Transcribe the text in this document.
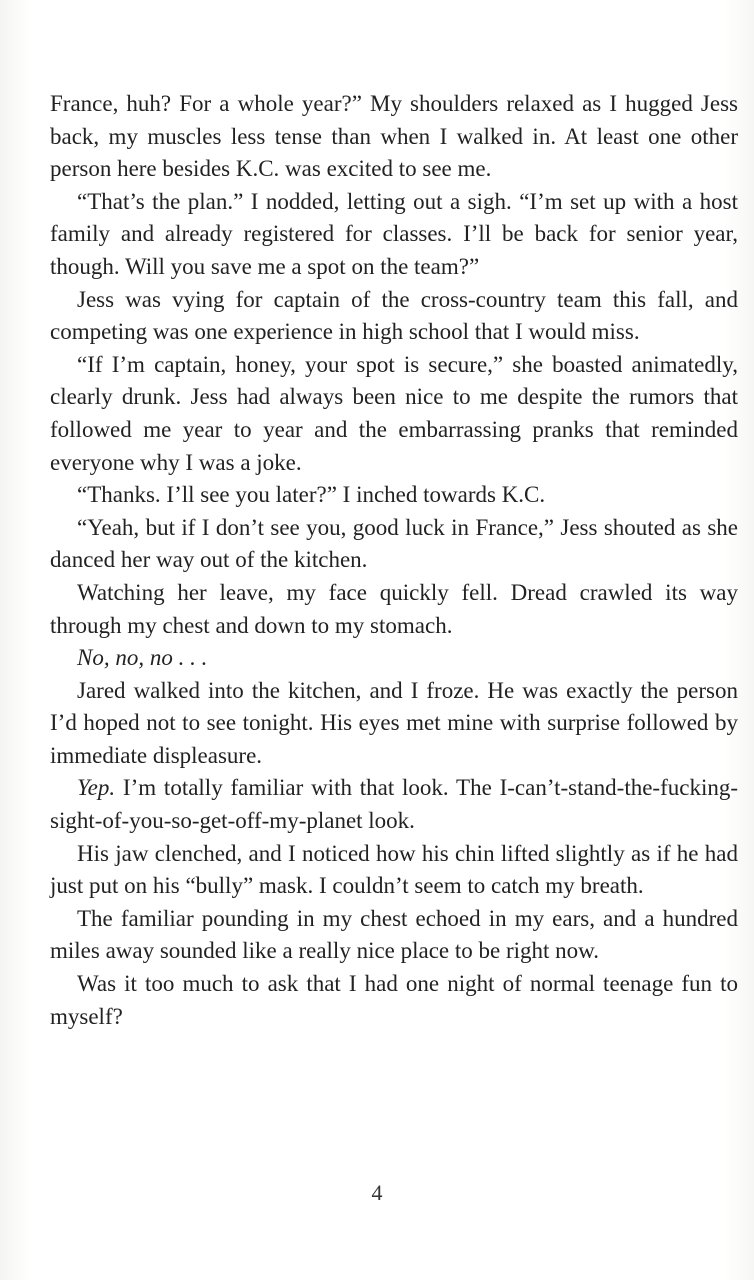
France, huh? For a whole year?” My shoulders relaxed as I hugged Jess back, my muscles less tense than when I walked in. At least one other person here besides K.C. was excited to see me.

“That’s the plan.” I nodded, letting out a sigh. “I’m set up with a host family and already registered for classes. I’ll be back for senior year, though. Will you save me a spot on the team?”

Jess was vying for captain of the cross-country team this fall, and competing was one experience in high school that I would miss.

“If I’m captain, honey, your spot is secure,” she boasted animatedly, clearly drunk. Jess had always been nice to me despite the rumors that followed me year to year and the embarrassing pranks that reminded everyone why I was a joke.

“Thanks. I’ll see you later?” I inched towards K.C.

“Yeah, but if I don’t see you, good luck in France,” Jess shouted as she danced her way out of the kitchen.

Watching her leave, my face quickly fell. Dread crawled its way through my chest and down to my stomach.

No, no, no . . .

Jared walked into the kitchen, and I froze. He was exactly the person I’d hoped not to see tonight. His eyes met mine with surprise followed by immediate displeasure.

Yep. I’m totally familiar with that look. The I-can’t-stand-the-fucking-sight-of-you-so-get-off-my-planet look.

His jaw clenched, and I noticed how his chin lifted slightly as if he had just put on his “bully” mask. I couldn’t seem to catch my breath.

The familiar pounding in my chest echoed in my ears, and a hundred miles away sounded like a really nice place to be right now.

Was it too much to ask that I had one night of normal teenage fun to myself?

4
